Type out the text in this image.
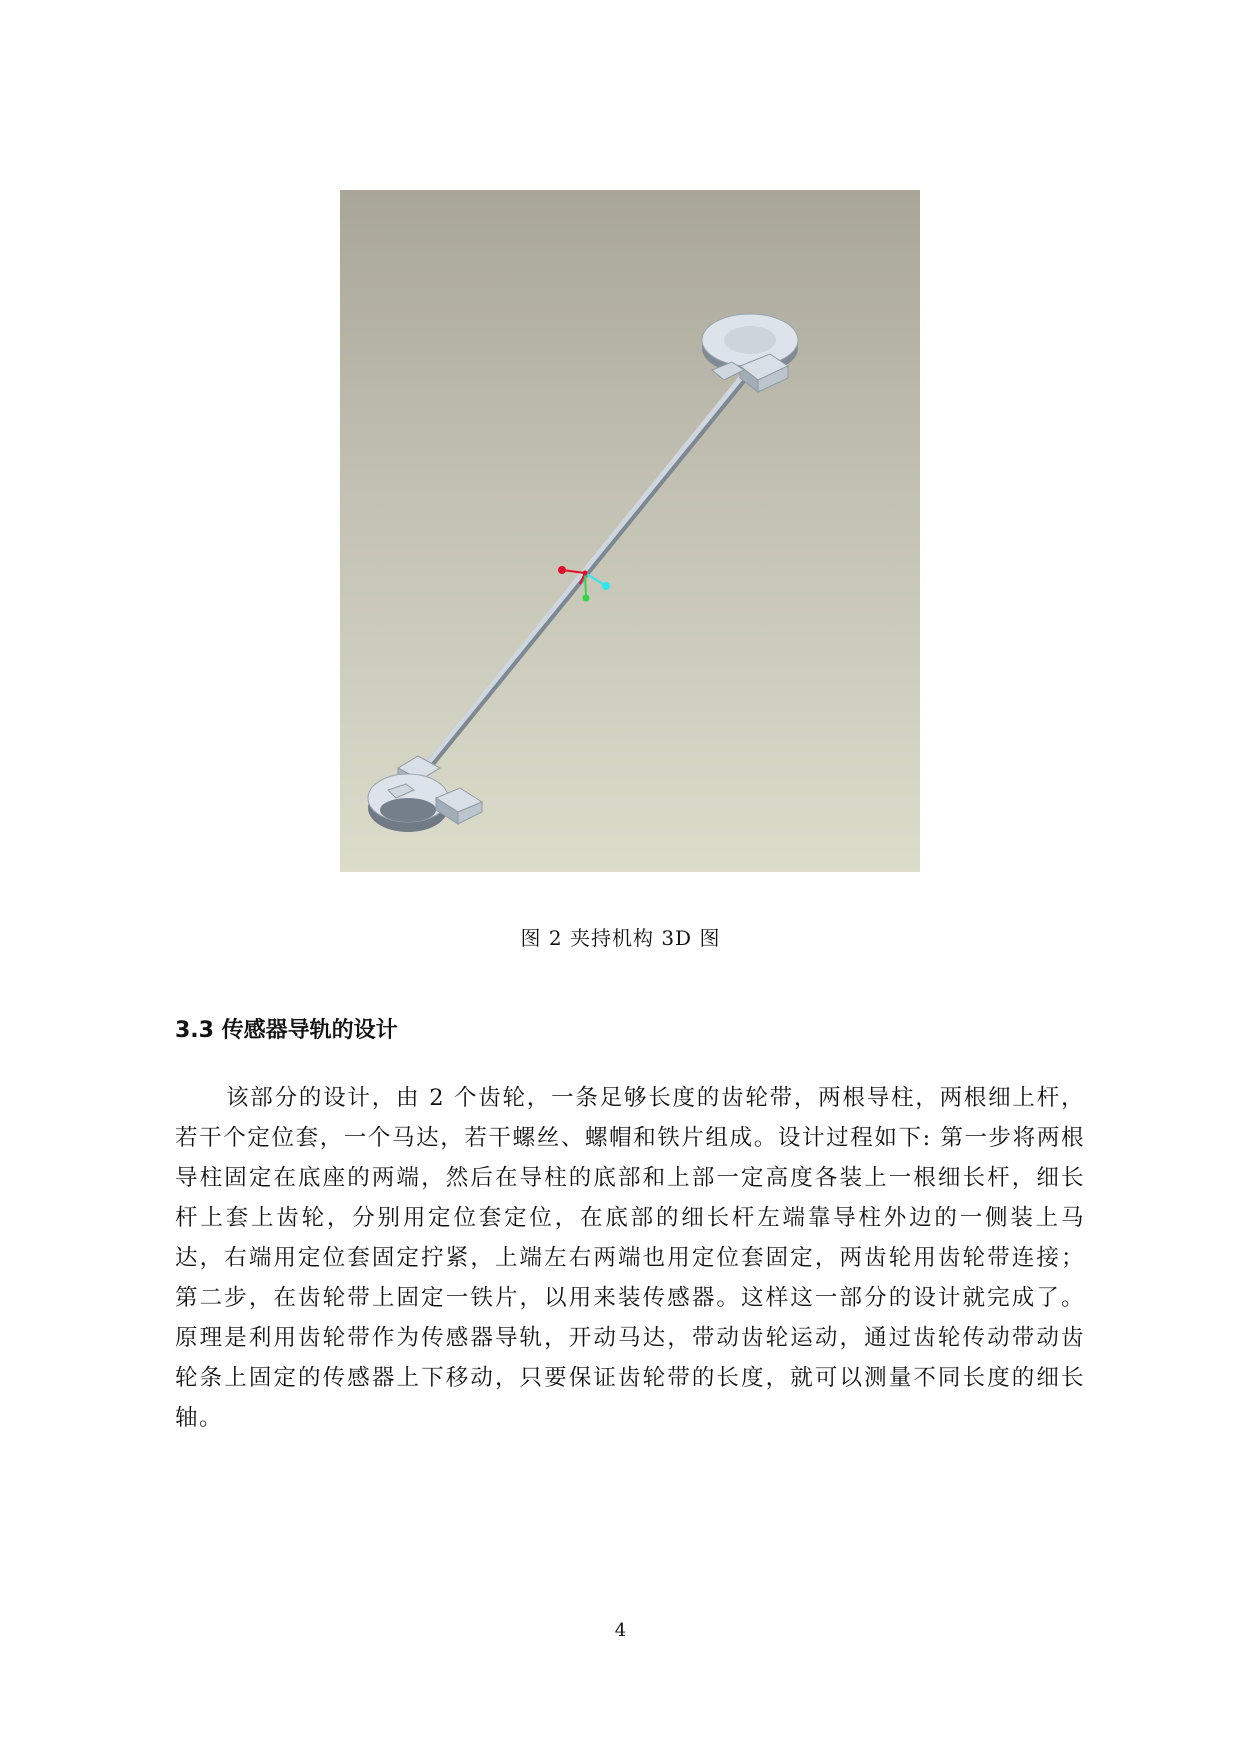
图 2 夹持机构 3D 图
3.3 传感器导轨的设计

该部分的设计，由 2 个齿轮，一条足够长度的齿轮带，两根导柱，两根细上杆，若干个定位套，一个马达，若干螺丝、螺帽和铁片组成。设计过程如下: 第一步将两根导柱固定在底座的两端，然后在导柱的底部和上部一定高度各装上一根细长杆，细长杆上套上齿轮，分别用定位套定位，在底部的细长杆左端靠导柱外边的一侧装上马达，右端用定位套固定拧紧，上端左右两端也用定位套固定，两齿轮用齿轮带连接；第二步，在齿轮带上固定一铁片，以用来装传感器。这样这一部分的设计就完成了。原理是利用齿轮带作为传感器导轨，开动马达，带动齿轮运动，通过齿轮传动带动齿轮条上固定的传感器上下移动，只要保证齿轮带的长度，就可以测量不同长度的细长轴。

4
